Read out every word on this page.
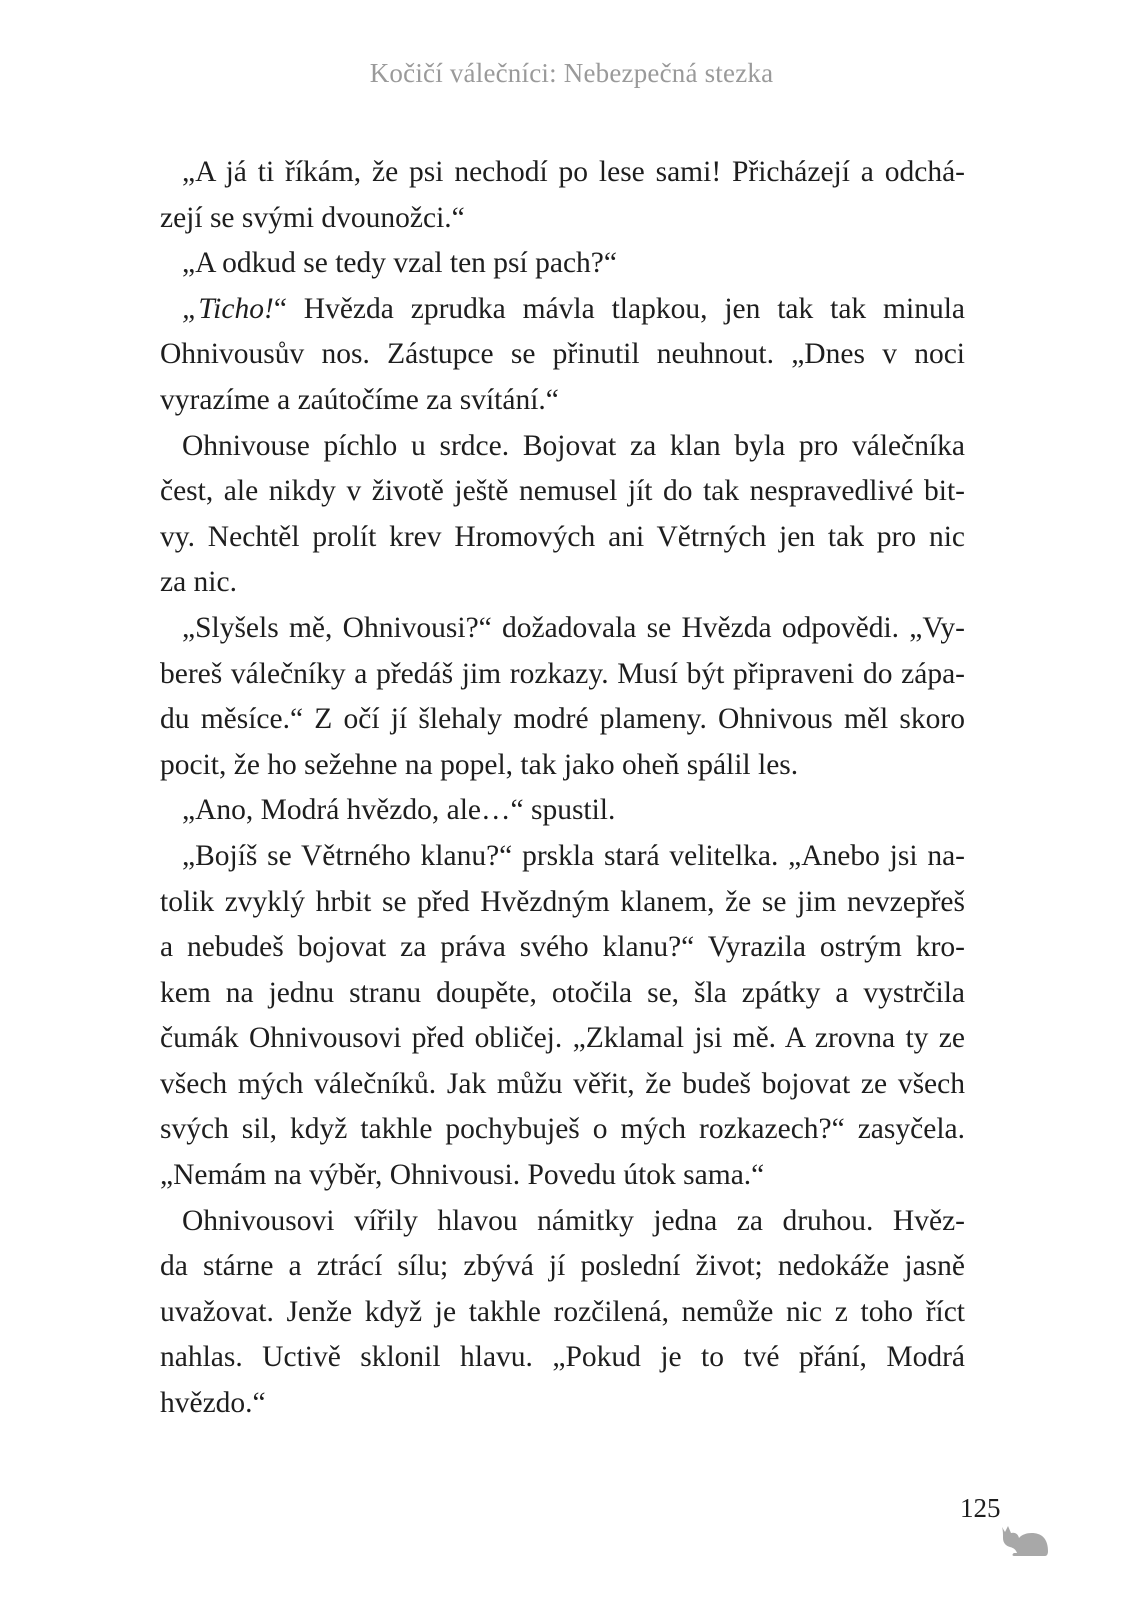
Kočičí válečníci: Nebezpečná stezka
„A já ti říkám, že psi nechodí po lese sami! Přicházejí a odchá-
zejí se svými dvounožci.“
„A odkud se tedy vzal ten psí pach?“
„Ticho!“ Hvězda zprudka mávla tlapkou, jen tak tak minula
Ohnivousův nos. Zástupce se přinutil neuhnout. „Dnes v noci
vyrazíme a zaútočíme za svítání.“
Ohnivouse píchlo u srdce. Bojovat za klan byla pro válečníka
čest, ale nikdy v životě ještě nemusel jít do tak nespravedlivé bit-
vy. Nechtěl prolít krev Hromových ani Větrných jen tak pro nic
za nic.
„Slyšels mě, Ohnivousi?“ dožadovala se Hvězda odpovědi. „Vy-
bereš válečníky a předáš jim rozkazy. Musí být připraveni do zápa-
du měsíce.“ Z očí jí šlehaly modré plameny. Ohnivous měl skoro
pocit, že ho sežehne na popel, tak jako oheň spálil les.
„Ano, Modrá hvězdo, ale…“ spustil.
„Bojíš se Větrného klanu?“ prskla stará velitelka. „Anebo jsi na-
tolik zvyklý hrbit se před Hvězdným klanem, že se jim nevzepřeš
a nebudeš bojovat za práva svého klanu?“ Vyrazila ostrým kro-
kem na jednu stranu doupěte, otočila se, šla zpátky a vystrčila
čumák Ohnivousovi před obličej. „Zklamal jsi mě. A zrovna ty ze
všech mých válečníků. Jak můžu věřit, že budeš bojovat ze všech
svých sil, když takhle pochybuješ o mých rozkazech?“ zasyčela.
„Nemám na výběr, Ohnivousi. Povedu útok sama.“
Ohnivousovi vířily hlavou námitky jedna za druhou. Hvěz-
da stárne a ztrácí sílu; zbývá jí poslední život; nedokáže jasně
uvažovat. Jenže když je takhle rozčilená, nemůže nic z toho říct
nahlas. Uctivě sklonil hlavu. „Pokud je to tvé přání, Modrá
hvězdo.“
125
